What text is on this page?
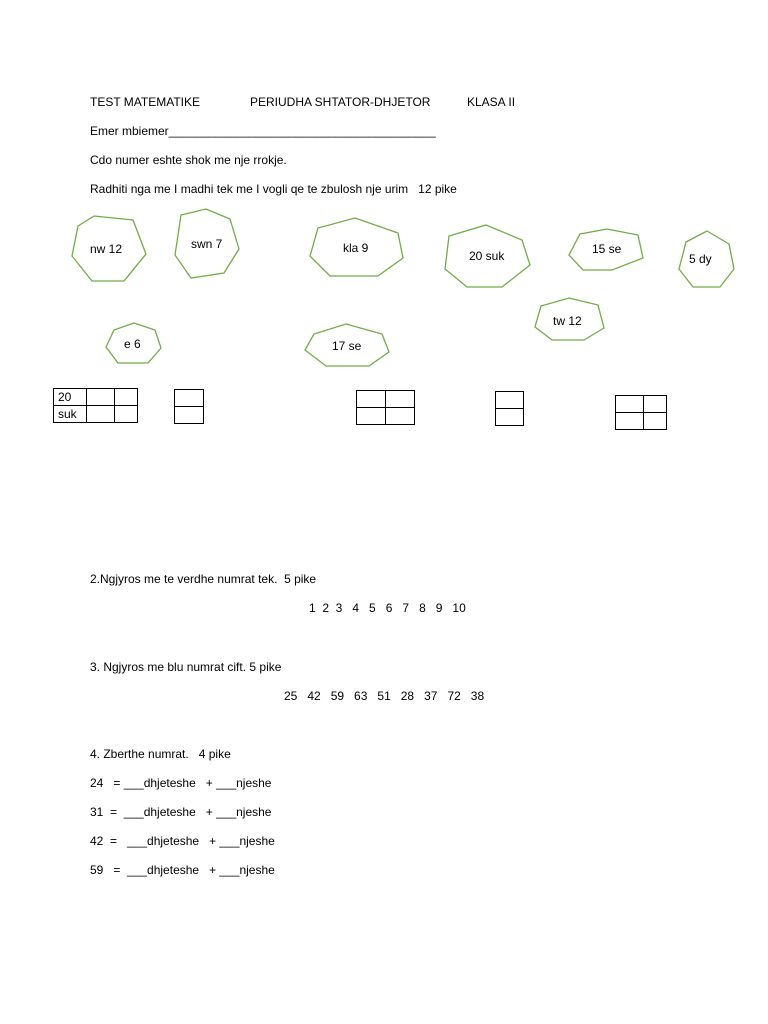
TEST MATEMATIKE	PERIUDHA SHTATOR-DHJETOR	KLASA II
Emer mbiemer________________________________________
Cdo numer eshte shok me nje rrokje.
Radhiti nga me I madhi tek me I vogli qe te zbulosh nje urim   12 pike
nw 12	swn 7	kla 9
20 suk	15 se
5 dy
tw 12
e 6	17 se
20		
suk		

2.Ngjyros me te verdhe numrat tek.  5 pike
1  2  3   4   5   6   7   8   9   10
3. Ngjyros me blu numrat cift. 5 pike
25   42   59   63   51   28   37   72   38
4. Zberthe numrat.   4 pike
24   = ___dhjeteshe   + ___njeshe
31  =  ___dhjeteshe   + ___njeshe
42  =   ___dhjeteshe   + ___njeshe
59   =  ___dhjeteshe   + ___njeshe
